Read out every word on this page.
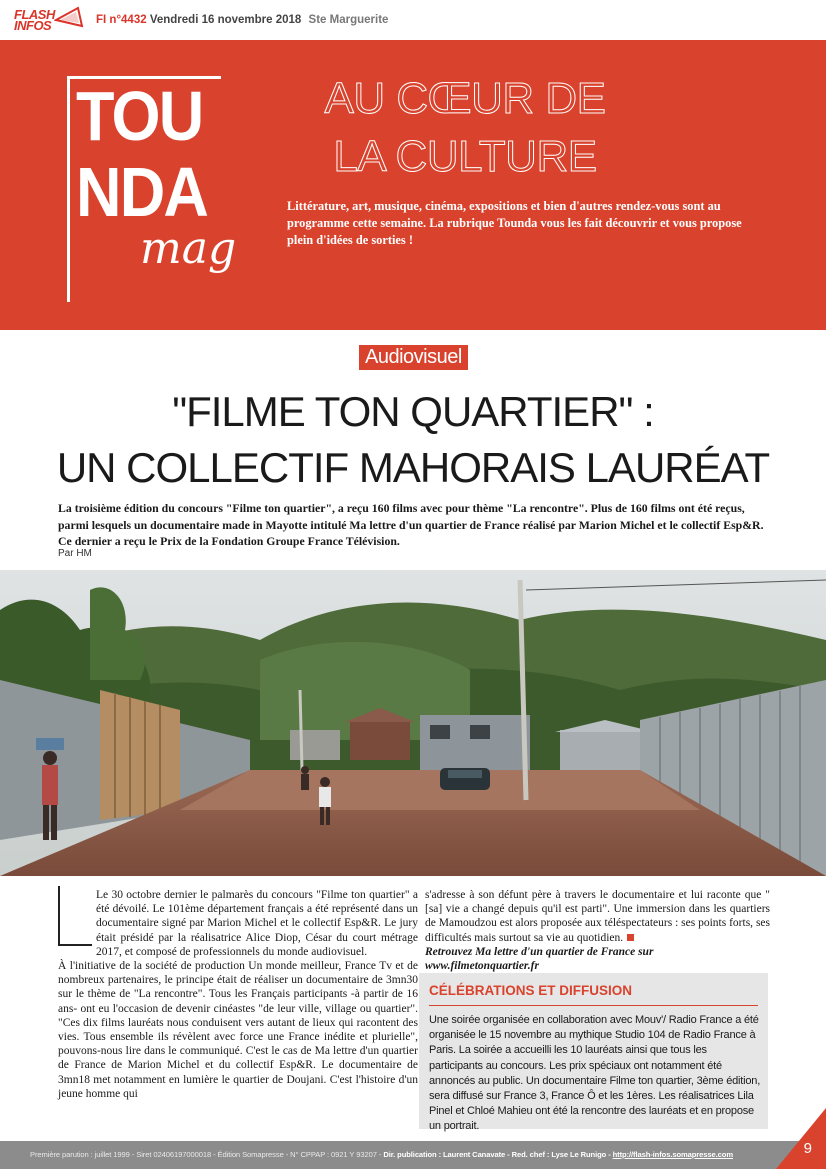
FLASH
INFOS	FI n°4432 Vendredi 16 novembre 2018 Ste Marguerite
TOU
NDA
mag
AU CŒUR DE
LA CULTURE
Littérature, art, musique, cinéma, expositions et bien d'autres rendez-vous sont au programme cette semaine. La rubrique Tounda vous les fait découvrir et vous propose plein d'idées de sorties !
Audiovisuel
"FILME TON QUARTIER" :
UN COLLECTIF MAHORAIS LAURÉAT
La troisième édition du concours "Filme ton quartier", a reçu 160 films avec pour thème "La rencontre". Plus de 160 films ont été reçus, parmi lesquels un documentaire made in Mayotte intitulé Ma lettre d'un quartier de France réalisé par Marion Michel et le collectif Esp&R. Ce dernier a reçu le Prix de la Fondation Groupe France Télévision.
Par HM

Le 30 octobre dernier le palmarès du concours "Filme ton quartier" a été dévoilé. Le 101ème département français a été représenté dans un documentaire signé par Marion Michel et le collectif Esp&R. Le jury était présidé par la réalisatrice Alice Diop, César du court métrage 2017, et composé de professionnels du monde audiovisuel.

À l'initiative de la société de production Un monde meilleur, France Tv et de nombreux partenaires, le principe était de réaliser un documentaire de 3mn30 sur le thème de "La rencontre". Tous les Français participants -à partir de 16 ans- ont eu l'occasion de devenir cinéastes "de leur ville, village ou quartier". "Ces dix films lauréats nous conduisent vers autant de lieux qui racontent des vies. Tous ensemble ils révèlent avec force une France inédite et plurielle", pouvons-nous lire dans le communiqué. C'est le cas de Ma lettre d'un quartier de France de Marion Michel et du collectif Esp&R. Le documentaire de 3mn18 met notamment en lumière le quartier de Doujani. C'est l'histoire d'un jeune homme qui

s'adresse à son défunt père à travers le documentaire et lui raconte que "[sa] vie a changé depuis qu'il est parti". Une immersion dans les quartiers de Mamoudzou est alors proposée aux téléspectateurs : ses points forts, ses difficultés mais surtout sa vie au quotidien.

Retrouvez Ma lettre d'un quartier de France sur www.filmetonquartier.fr

CÉLÉBRATIONS ET DIFFUSION
Une soirée organisée en collaboration avec Mouv'/ Radio France a été organisée le 15 novembre au mythique Studio 104 de Radio France à Paris. La soirée a accueilli les 10 lauréats ainsi que tous les participants au concours. Les prix spéciaux ont notamment été annoncés au public. Un documentaire Filme ton quartier, 3ème édition, sera diffusé sur France 3, France Ô et les 1ères. Les réalisatrices Lila Pinel et Chloé Mahieu ont été la rencontre des lauréats et en propose un portrait.
Première parution : juillet 1999 - Siret 02406197000018 - Édition Somapresse - N° CPPAP : 0921 Y 93207 - Dir. publication : Laurent Canavate - Red. chef : Lyse Le Runigo - http://flash-infos.somapresse.com	9
